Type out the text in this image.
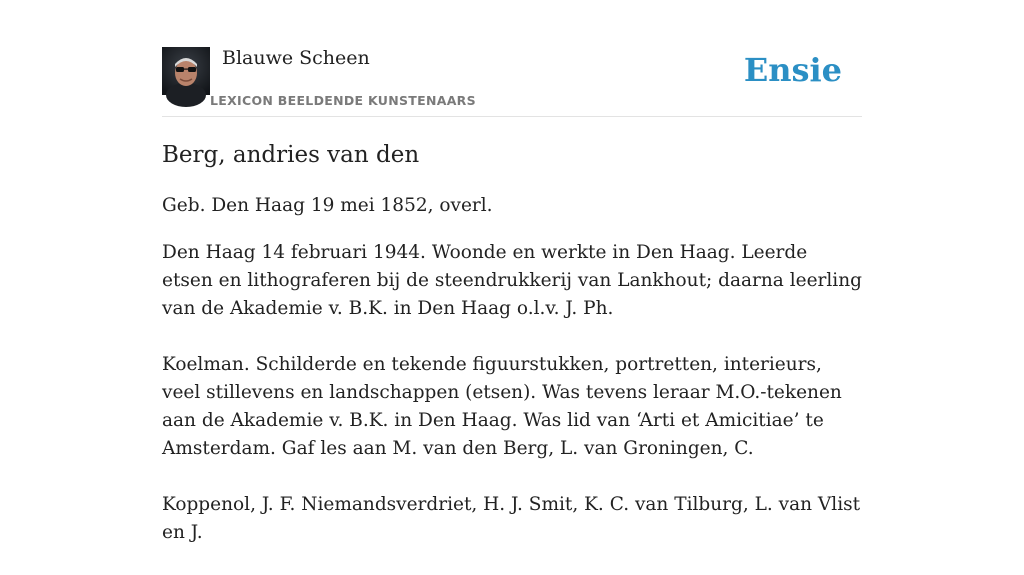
Blauwe Scheen
LEXICON BEELDENDE KUNSTENAARS
Ensie
Berg, andries van den

Geb. Den Haag 19 mei 1852, overl.

Den Haag 14 februari 1944. Woonde en werkte in Den Haag. Leerde etsen en lithograferen bij de steendrukkerij van Lankhout; daarna leerling van de Akademie v. B.K. in Den Haag o.l.v. J. Ph.

Koelman. Schilderde en tekende figuurstukken, portretten, interieurs, veel stillevens en landschappen (etsen). Was tevens leraar M.O.-tekenen aan de Akademie v. B.K. in Den Haag. Was lid van ‘Arti et Amicitiae’ te Amsterdam. Gaf les aan M. van den Berg, L. van Groningen, C.

Koppenol, J. F. Niemandsverdriet, H. J. Smit, K. C. van Tilburg, L. van Vlist en J.
